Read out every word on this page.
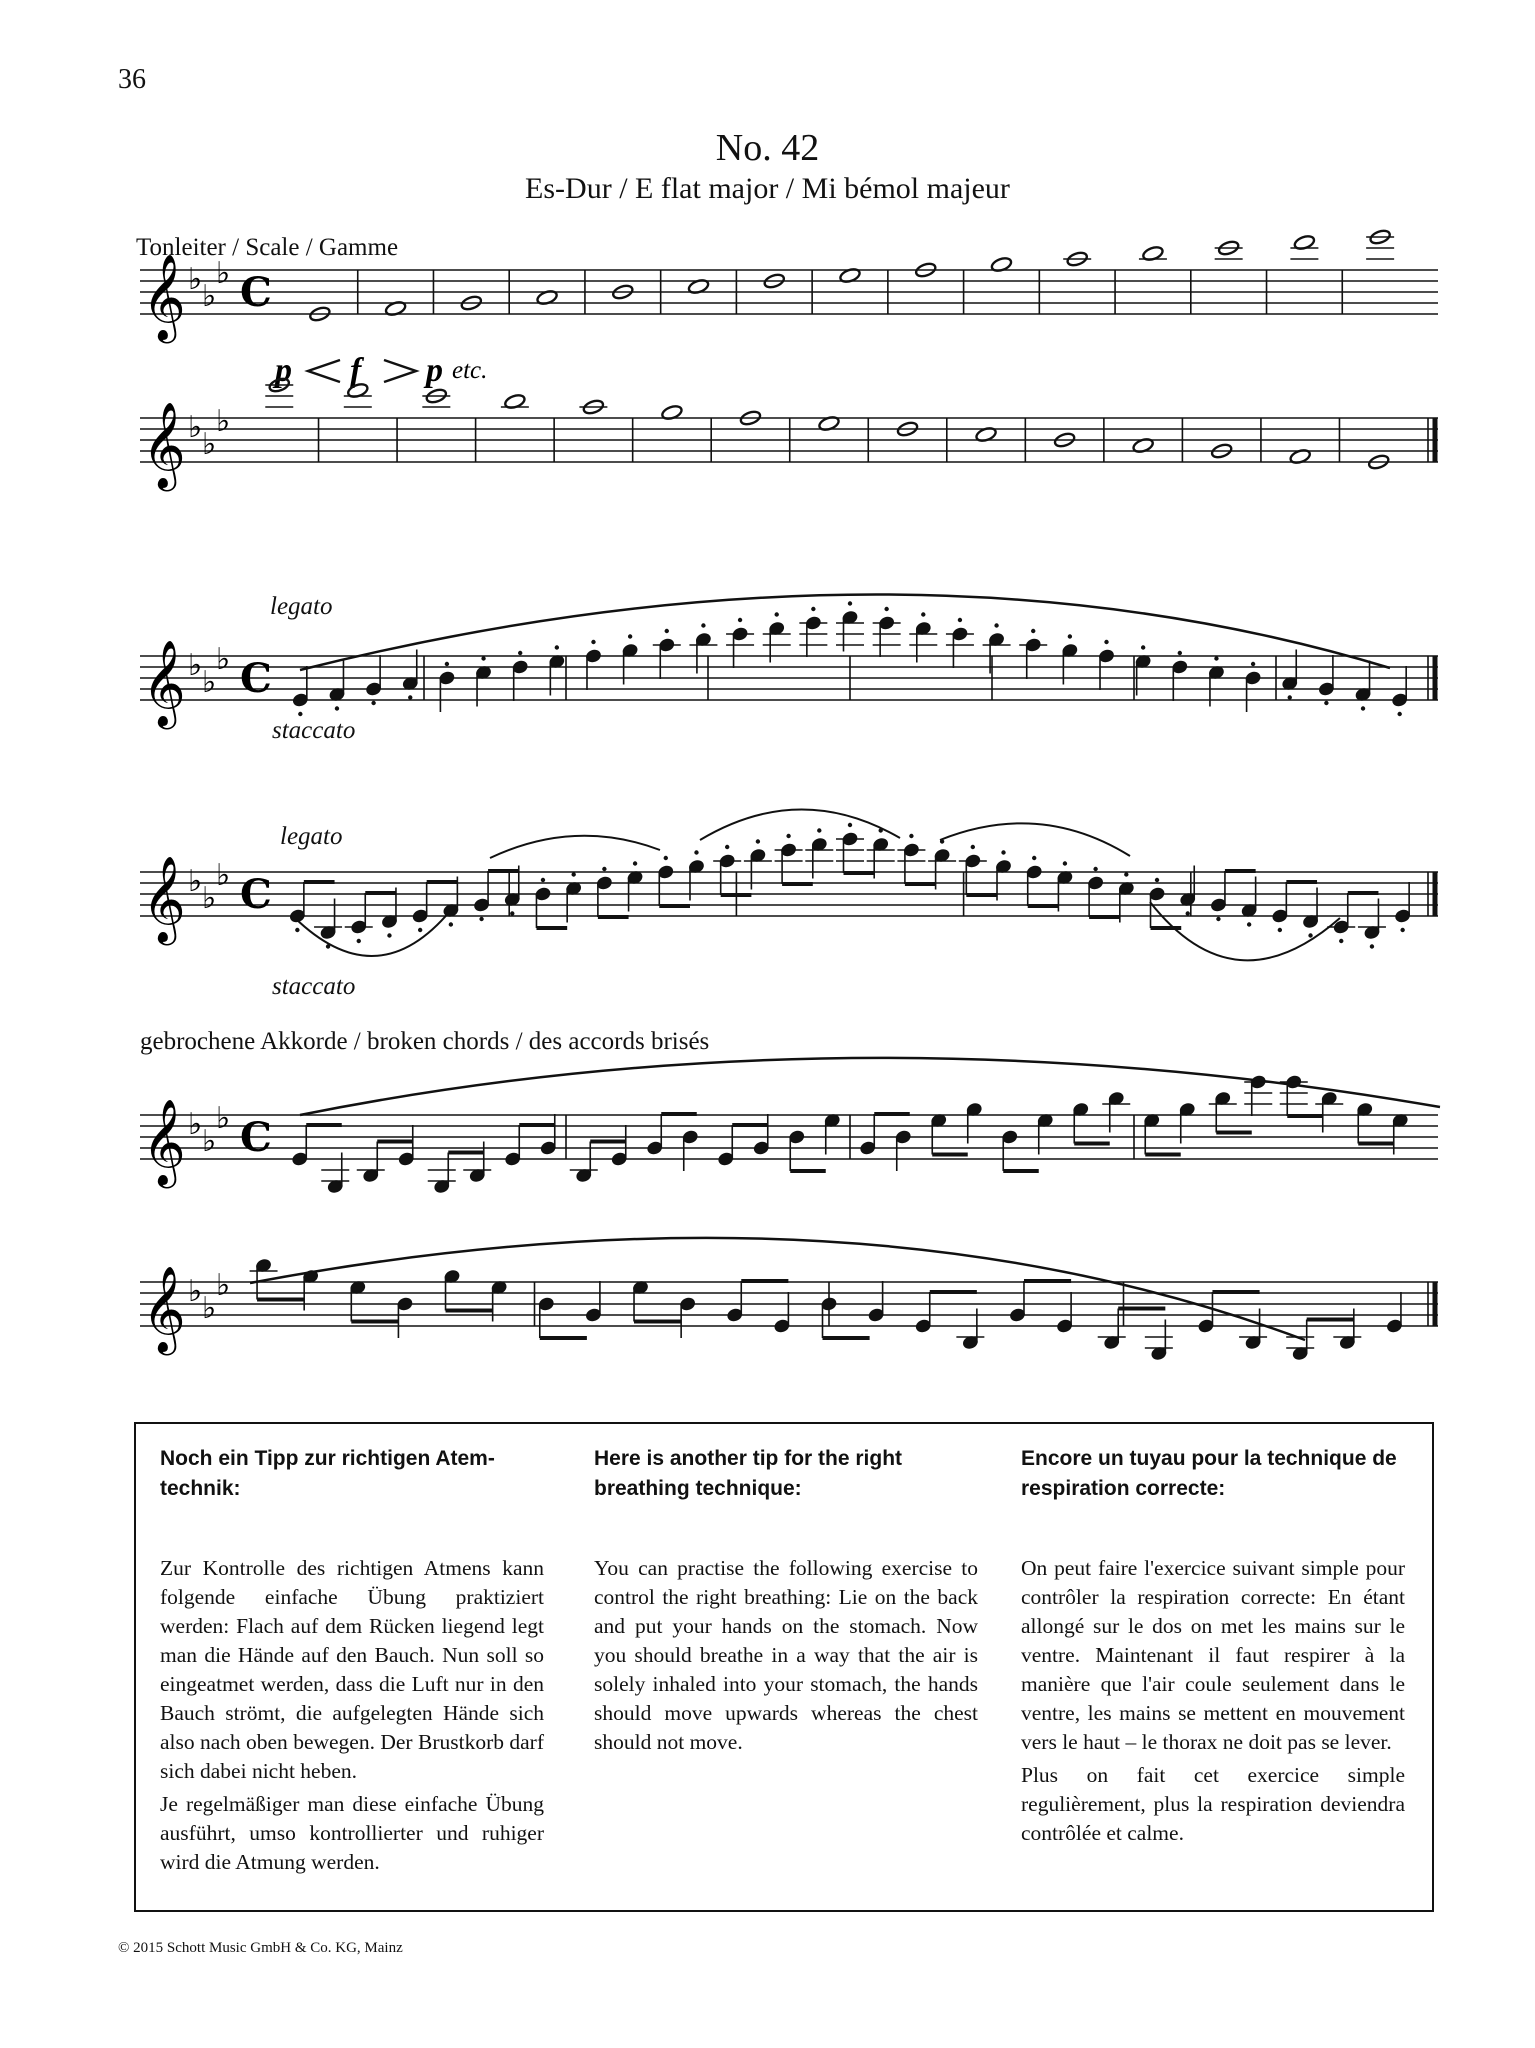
36
No. 42
Es-Dur / E flat major / Mi bémol majeur
Tonleiter / Scale / Gamme
legato
staccato
legato
staccato
gebrochene Akkorde / broken chords / des accords brisés
p f p etc.
𝄞 ♭ ♭
♭ C
𝄞 ♭ ♭
♭
𝄞 ♭ ♭
♭ C
𝄞 ♭ ♭
♭ C
𝄞 ♭ ♭
♭ C
𝄞 ♭ ♭
♭
Noch ein Tipp zur richtigen Atem-technik:

Zur Kontrolle des richtigen Atmens kann folgende einfache Übung praktiziert werden: Flach auf dem Rücken liegend legt man die Hände auf den Bauch. Nun soll so eingeatmet werden, dass die Luft nur in den Bauch strömt, die aufgelegten Hände sich also nach oben bewegen. Der Brustkorb darf sich dabei nicht heben.

Je regelmäßiger man diese einfache Übung ausführt, umso kontrollierter und ruhiger wird die Atmung werden.

Here is another tip for the right breathing technique:

You can practise the following exercise to control the right breathing: Lie on the back and put your hands on the stomach. Now you should breathe in a way that the air is solely inhaled into your stomach, the hands should move upwards whereas the chest should not move.

Encore un tuyau pour la technique de respiration correcte:

On peut faire l'exercice suivant simple pour contrôler la respiration correcte: En étant allongé sur le dos on met les mains sur le ventre. Maintenant il faut respirer à la manière que l'air coule seulement dans le ventre, les mains se mettent en mouvement vers le haut – le thorax ne doit pas se lever.

Plus on fait cet exercice simple regulièrement, plus la respiration deviendra contrôlée et calme.

© 2015 Schott Music GmbH & Co. KG, Mainz
